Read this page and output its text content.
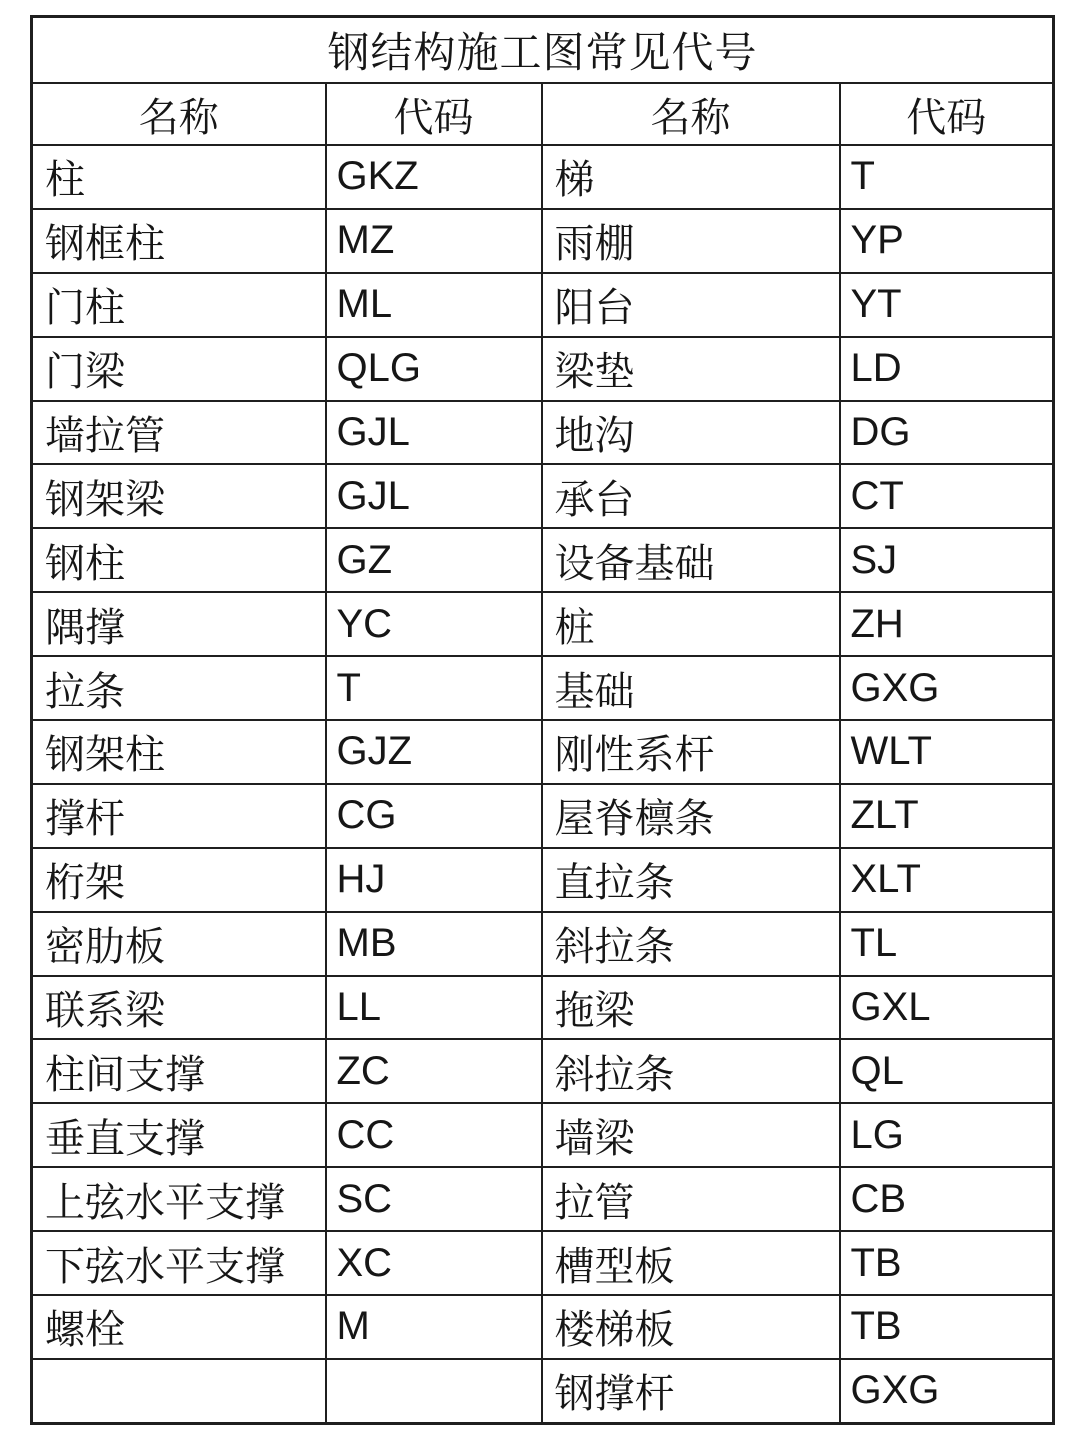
钢结构施工图常见代号			
名称	代码	名称	代码
柱	GKZ	梯	T
钢框柱	MZ	雨棚	YP
门柱	ML	阳台	YT
门梁	QLG	梁垫	LD
墙拉管	GJL	地沟	DG
钢架梁	GJL	承台	CT
钢柱	GZ	设备基础	SJ
隅撑	YC	桩	ZH
拉条	T	基础	GXG
钢架柱	GJZ	刚性系杆	WLT
撑杆	CG	屋脊檩条	ZLT
桁架	HJ	直拉条	XLT
密肋板	MB	斜拉条	TL
联系梁	LL	拖梁	GXL
柱间支撑	ZC	斜拉条	QL
垂直支撑	CC	墙梁	LG
上弦水平支撑	SC	拉管	CB
下弦水平支撑	XC	槽型板	TB
螺栓	M	楼梯板	TB
		钢撑杆	GXG
